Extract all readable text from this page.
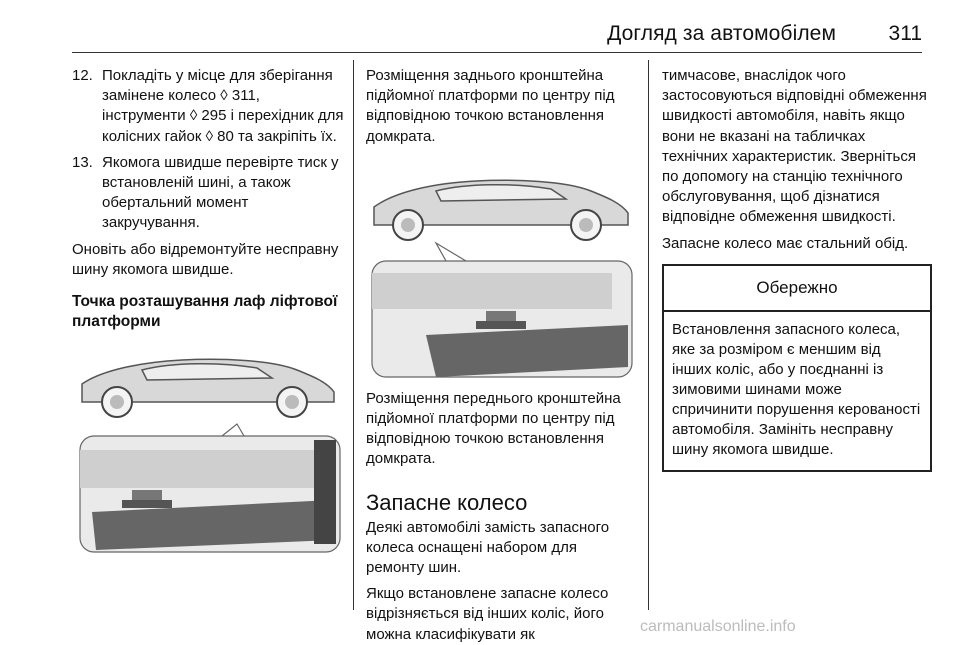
Догляд за автомобілем	311
12. Покладіть у місце для зберігання замінене колесо ◊ 311, інструменти ◊ 295 і перехідник для колісних гайок ◊ 80 та закріпіть їх.
13. Якомога швидше перевірте тиск у встановленій шині, а також обертальний момент закручування.

Оновіть або відремонтуйте несправну шину якомога швидше.

Точка розташування лаф ліфтової платформи

Розміщення заднього кронштейна підйомної платформи по центру під відповідною точкою встановлення домкрата.

Розміщення переднього кронштейна підйомної платформи по центру під відповідною точкою встановлення домкрата.

Запасне колесо

Деякі автомобілі замість запасного колеса оснащені набором для ремонту шин.

Якщо встановлене запасне колесо відрізняється від інших коліс, його можна класифікувати як

тимчасове, внаслідок чого застосовуються відповідні обмеження швидкості автомобіля, навіть якщо вони не вказані на табличках технічних характеристик. Зверніться по допомогу на станцію технічного обслуговування, щоб дізнатися відповідне обмеження швидкості.

Запасне колесо має стальний обід.

Обережно
Встановлення запасного колеса, яке за розміром є меншим від інших коліс, або у поєднанні із зимовими шинами може спричинити порушення керованості автомобіля. Замініть несправну шину якомога швидше.
carmanualsonline.info
